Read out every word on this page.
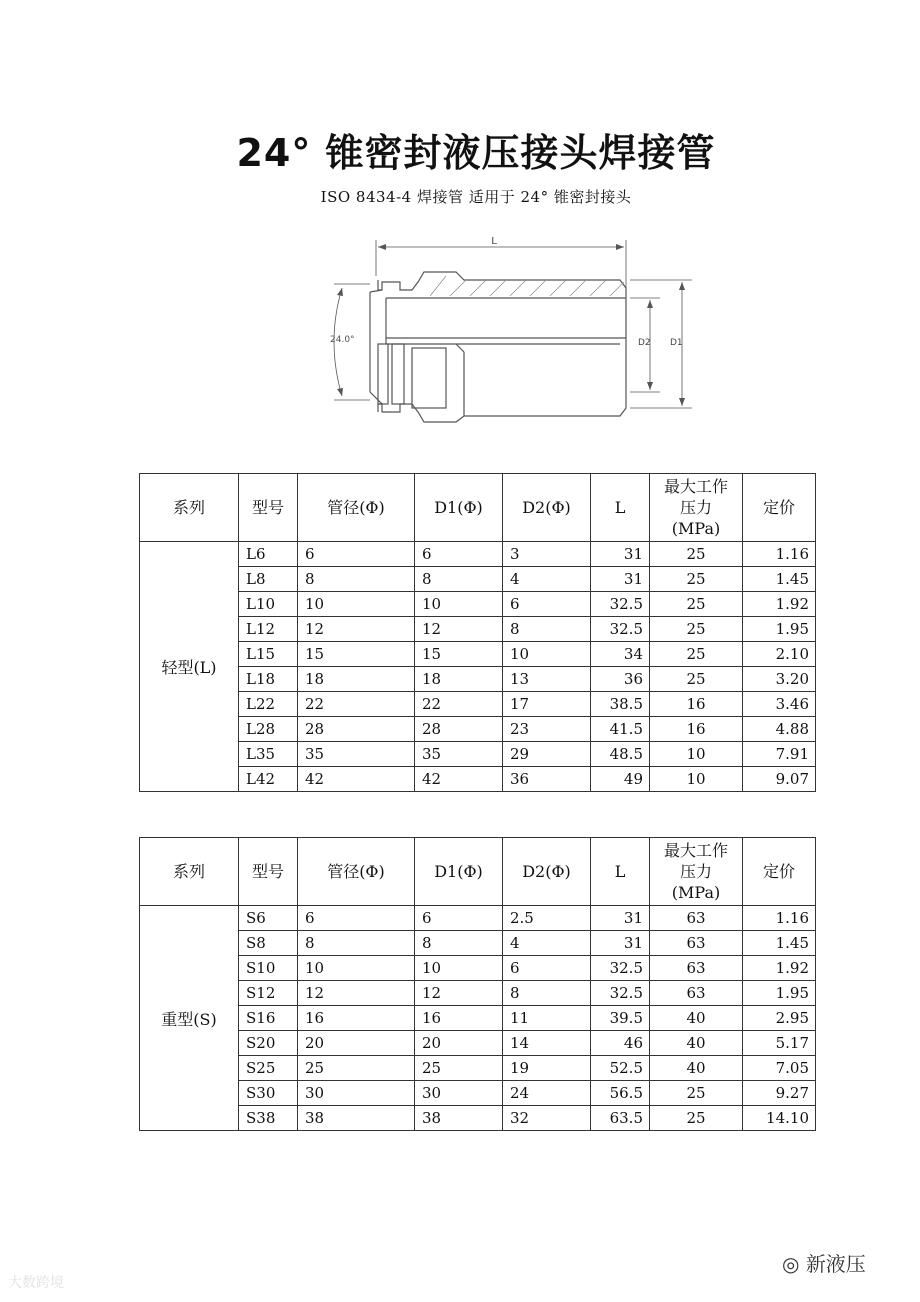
24° 锥密封液压接头焊接管
ISO 8434-4 焊接管 适用于 24° 锥密封接头
L
D2 D1
24.0°
系列	型号	管径(Φ)	D1(Φ)	D2(Φ)	L	最大工作
压力(MPa)	定价
轻型(L)	L6	6	6	3	31	25	1.16
	L8	8	8	4	31	25	1.45
	L10	10	10	6	32.5	25	1.92
	L12	12	12	8	32.5	25	1.95
	L15	15	15	10	34	25	2.10
	L18	18	18	13	36	25	3.20
	L22	22	22	17	38.5	16	3.46
	L28	28	28	23	41.5	16	4.88
	L35	35	35	29	48.5	10	7.91
	L42	42	42	36	49	10	9.07
系列	型号	管径(Φ)	D1(Φ)	D2(Φ)	L	最大工作
压力(MPa)	定价
重型(S)	S6	6	6	2.5	31	63	1.16
	S8	8	8	4	31	63	1.45
	S10	10	10	6	32.5	63	1.92
	S12	12	12	8	32.5	63	1.95
	S16	16	16	11	39.5	40	2.95
	S20	20	20	14	46	40	5.17
	S25	25	25	19	52.5	40	7.05
	S30	30	30	24	56.5	25	9.27
	S38	38	38	32	63.5	25	14.10
◎ 新液压
大数跨境
